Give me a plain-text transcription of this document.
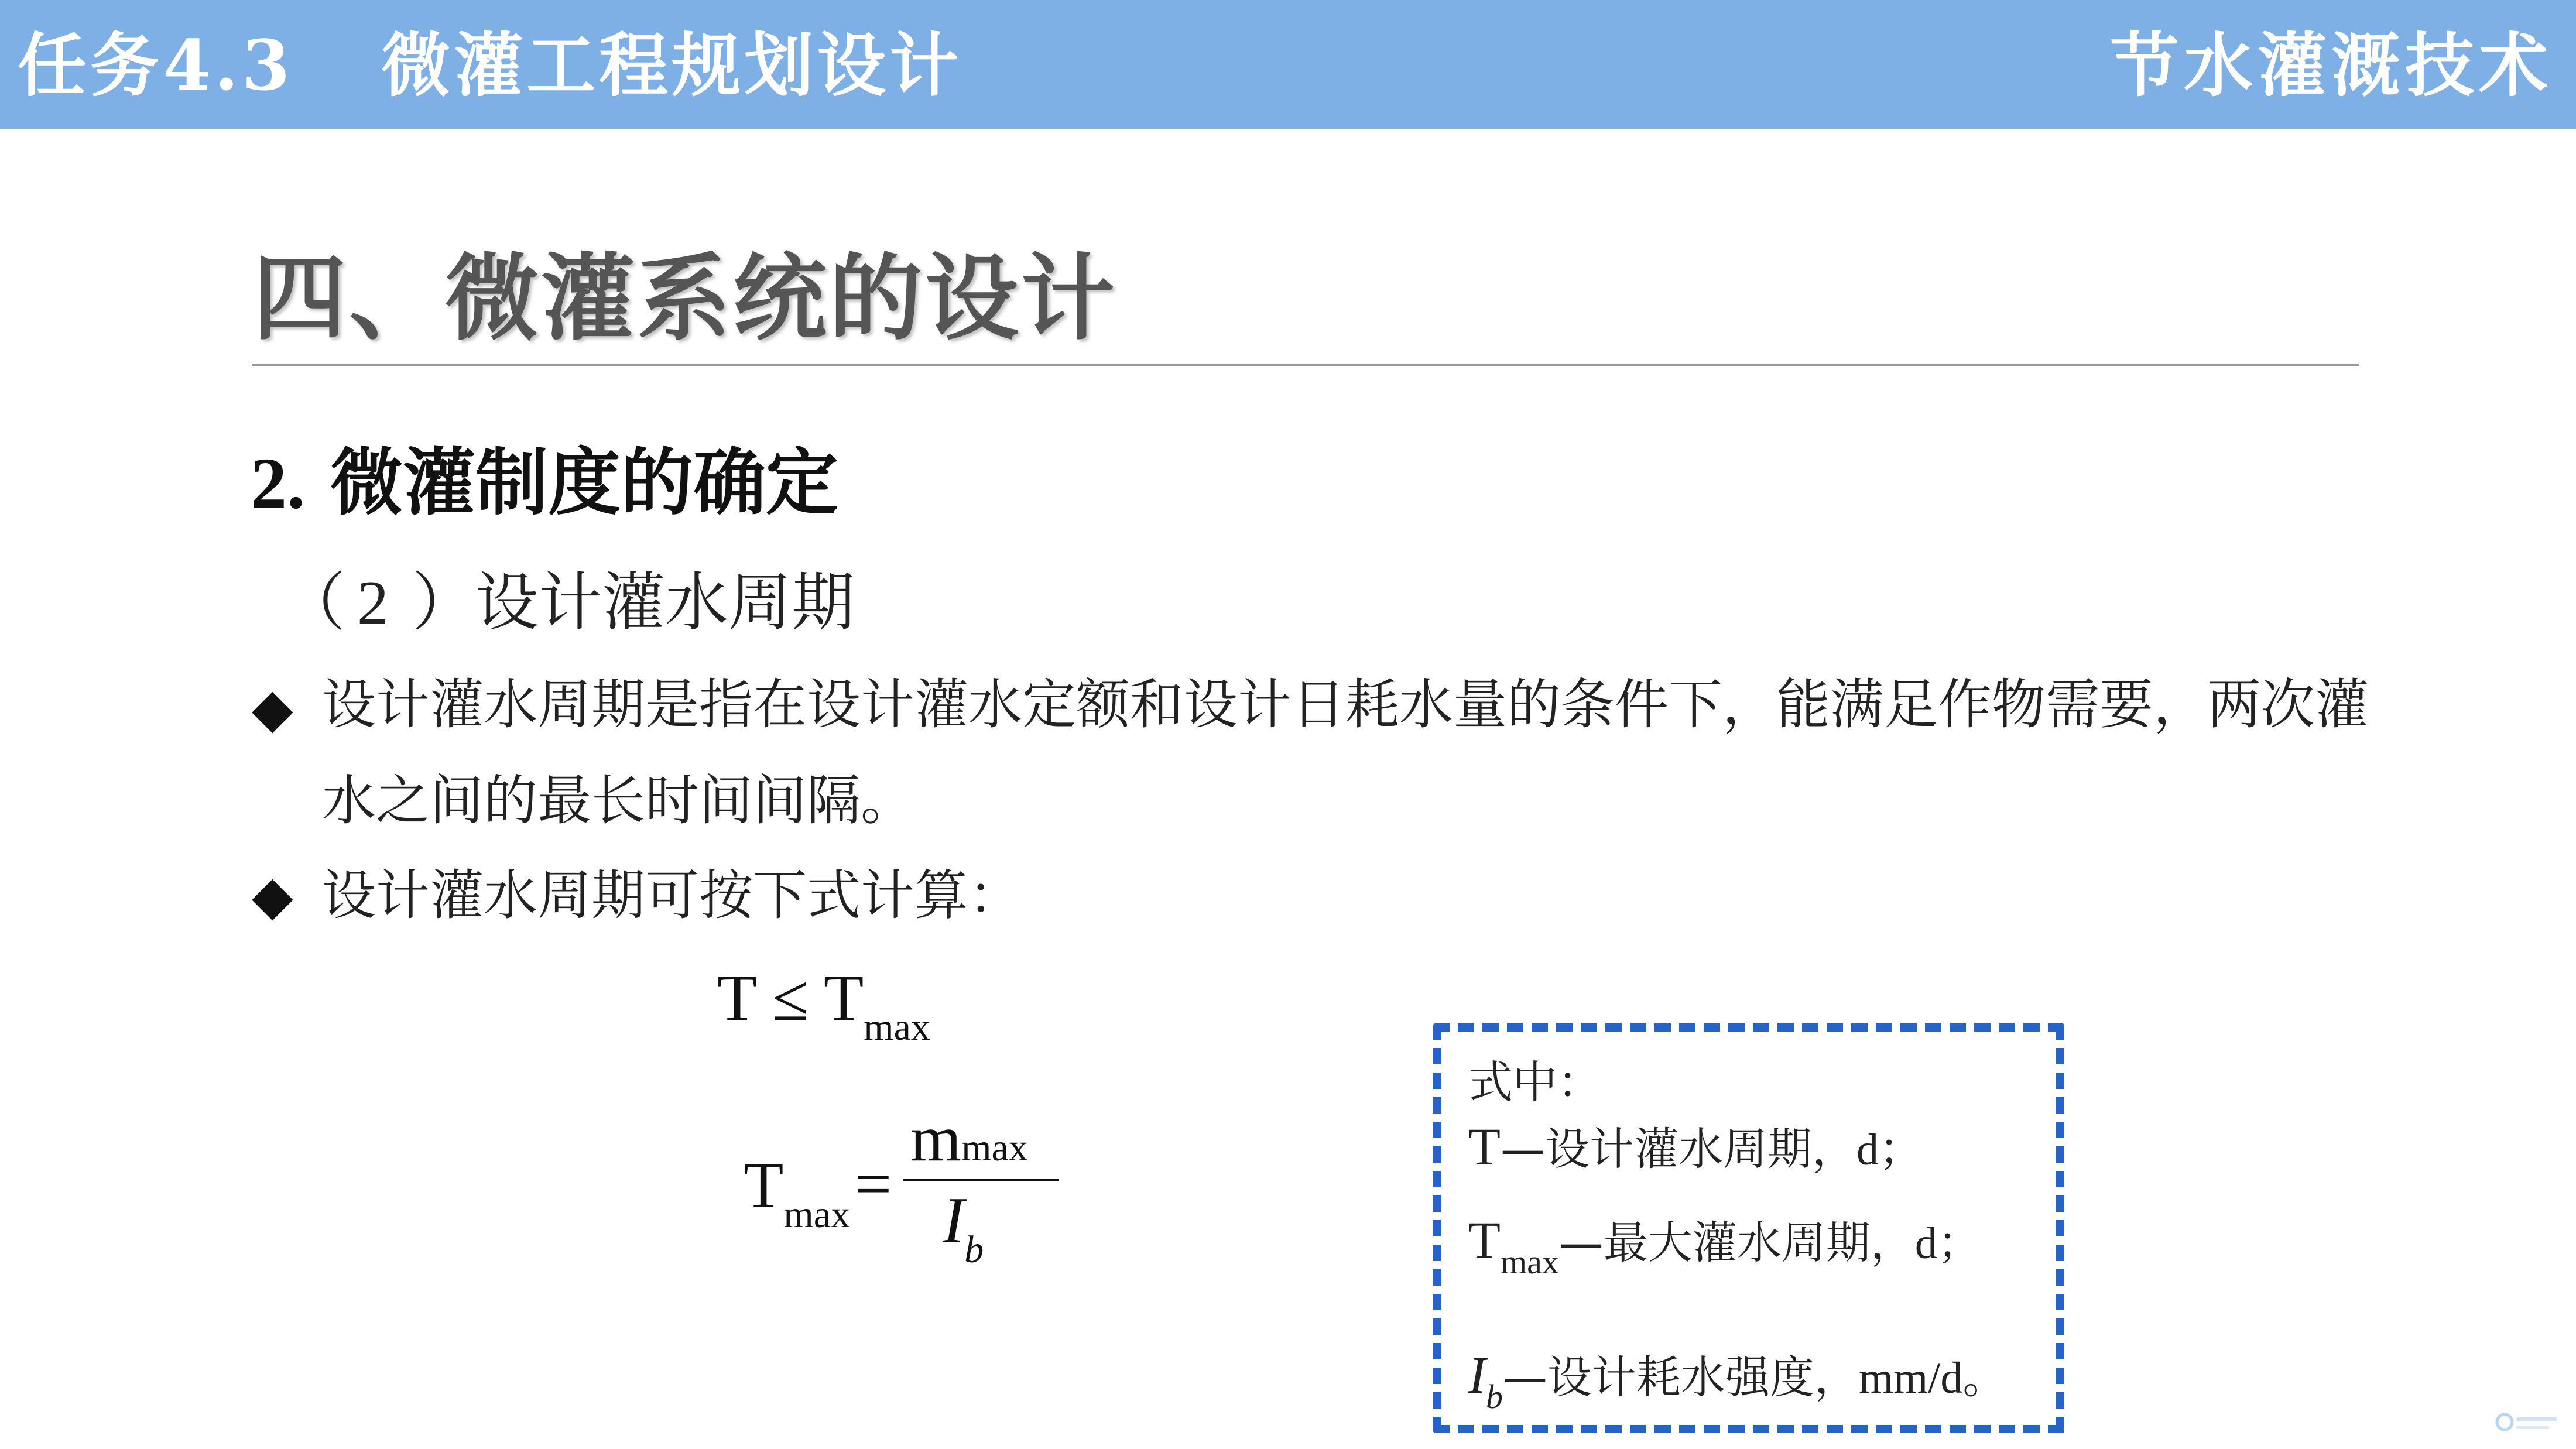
任务4.3 微灌工程规划设计	节水灌溉技术
四、微灌系统的设计
2. 微灌制度的确定
（ 2 ）设计灌水周期
◆ 设计灌水周期是指在设计灌水定额和设计日耗水量的条件下，能满足作物需要，两次灌
水之间的最长时间间隔。
◆ 设计灌水周期可按下式计算：
$T \le T_{max}$
$T_{max}$ =
mmax
$I_b$
式中：
T—设计灌水周期，d；
$T_{max}—$最大灌水周期，d；
$I_b—$设计耗水强度，mm/d。
